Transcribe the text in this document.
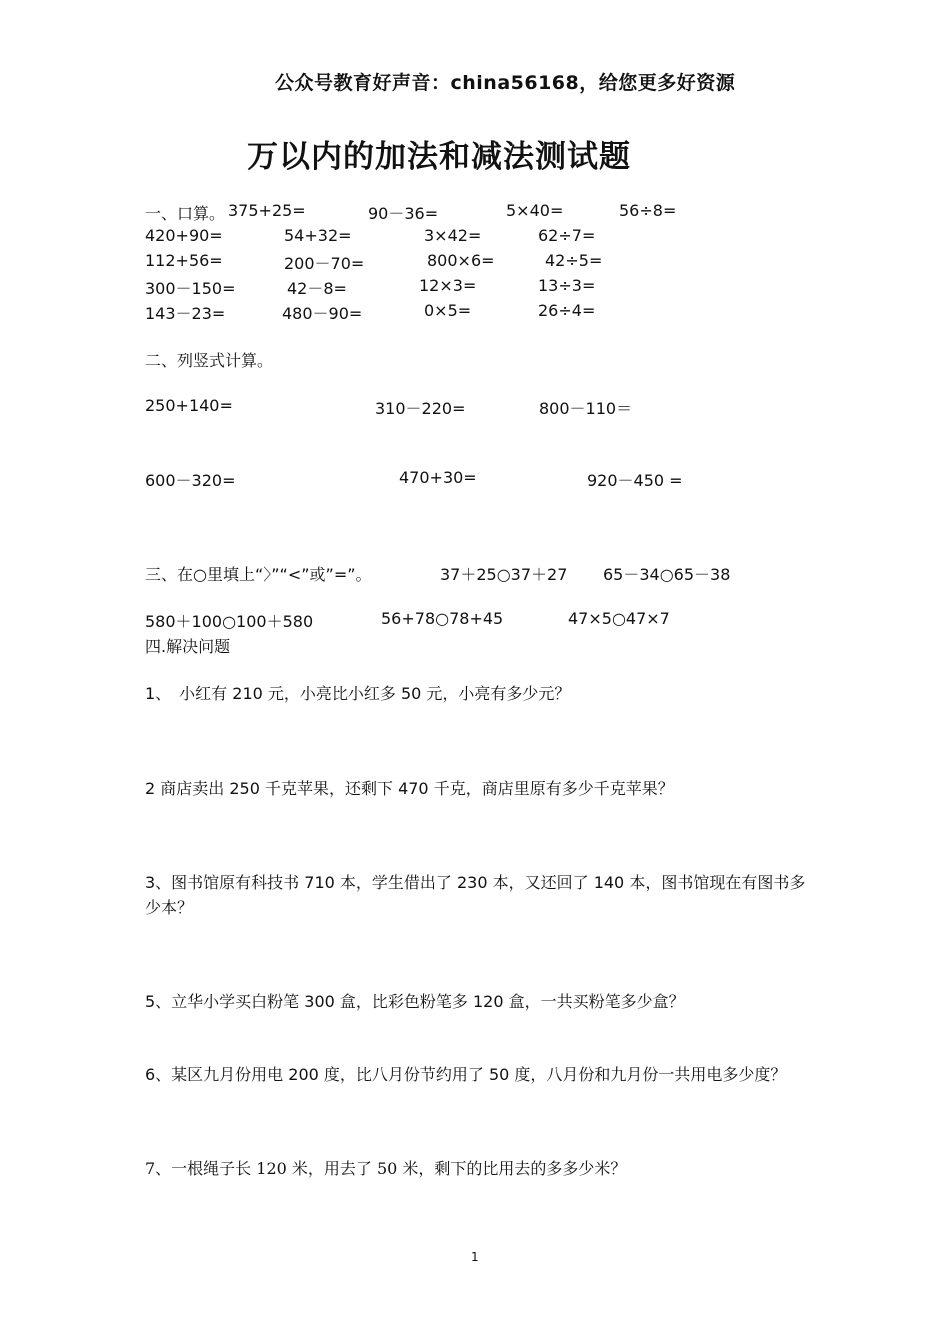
公众号教育好声音：china56168，给您更多好资源
万以内的加法和减法测试题
一、口算。 375+25=	90－36=	5×40=	56÷8=
420+90=	54+32=	3×42=	62÷7=
112+56=	200－70=	800×6=	42÷5=
300－150=	42－8=	12×3=	13÷3=
143－23=	480－90=	0×5=	26÷4=
二、列竖式计算。
250+140=	310－220=	800－110＝
600－320=	470+30=	920－450 =
三、在○里填上“〉”“<”或”=”。	37＋25○37＋27 65－34○65－38
580＋100○100＋580	56+78○78+45	47×5○47×7
四.解决问题
1、　小红有 210 元，小亮比小红多 50 元，小亮有多少元？
2 商店卖出 250 千克苹果，还剩下 470 千克，商店里原有多少千克苹果？
3、图书馆原有科技书 710 本，学生借出了 230 本，又还回了 140 本，图书馆现在有图书多
少本？
5、立华小学买白粉笔 300 盒，比彩色粉笔多 120 盒，一共买粉笔多少盒？
6、某区九月份用电 200 度，比八月份节约用了 50 度，八月份和九月份一共用电多少度？
7、一根绳子长 120 米，用去了 50 米，剩下的比用去的多多少米？
1
